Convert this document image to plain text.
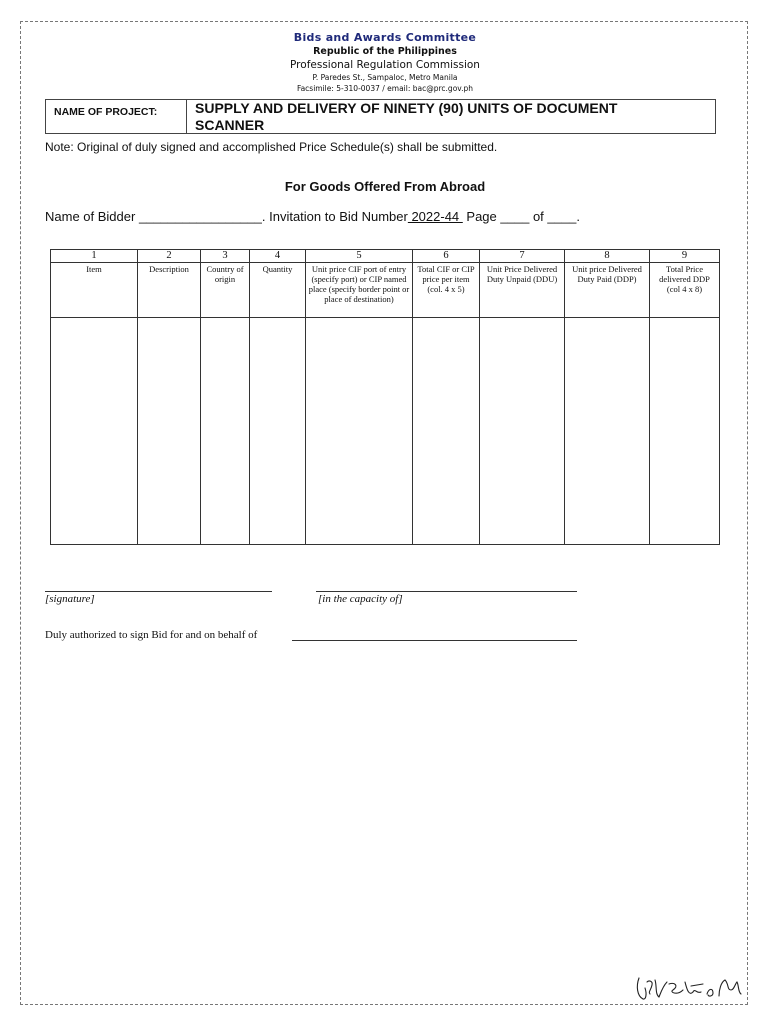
Bids and Awards Committee
Republic of the Philippines
Professional Regulation Commission
P. Paredes St., Sampaloc, Metro Manila
Facsimile: 5-310-0037 / email: bac@prc.gov.ph
NAME OF PROJECT:	SUPPLY AND DELIVERY OF NINETY (90) UNITS OF DOCUMENT
SCANNER
Note: Original of duly signed and accomplished Price Schedule(s) shall be submitted.
For Goods Offered From Abroad
Name of Bidder _________________. Invitation to Bid Number 2022-44  Page ____ of ____.
1	2	3	4	5	6	7	8	9
Item	Description	Country of origin	Quantity	Unit price CIF port of entry (specify port) or CIP named place (specify border point or place of destination)	Total CIF or CIP price per item (col. 4 x 5)	Unit Price Delivered Duty Unpaid (DDU)	Unit price Delivered Duty Paid (DDP)	Total Price delivered DDP (col 4 x 8)

[signature]	[in the capacity of]
Duly authorized to sign Bid for and on behalf of
